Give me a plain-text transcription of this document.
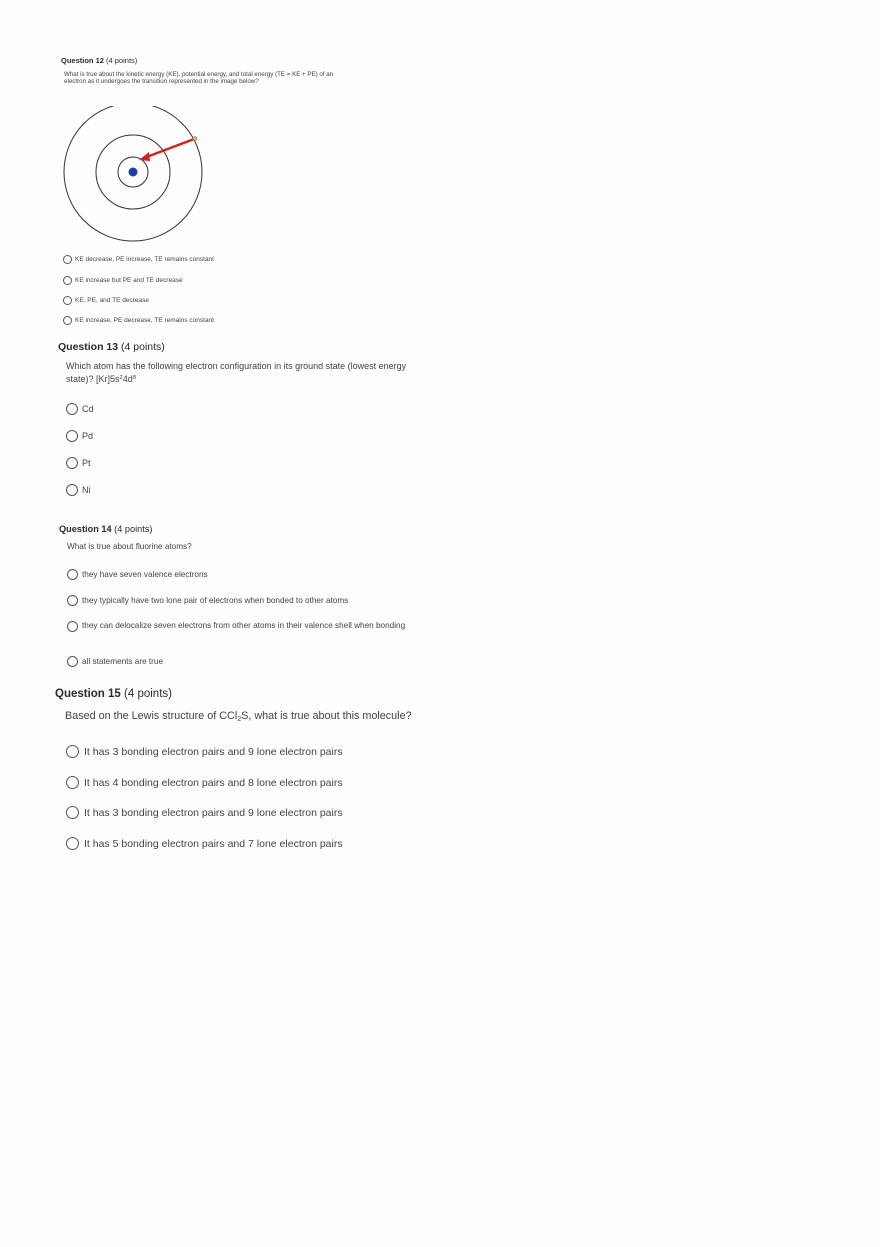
Question 12 (4 points)
What is true about the kinetic energy (KE), potential energy, and total energy (TE = KE + PE) of an electron as it undergoes the transition represented in the image below?
KE decrease, PE increase, TE remains constant
KE increase but PE and TE decrease
KE, PE, and TE decrease
KE increase, PE decrease, TE remains constant
Question 13 (4 points)
Which atom has the following electron configuration in its ground state (lowest energy state)? $[Kr]5s^24d^8$
Cd
Pd
Pt
Ni
Question 14 (4 points)
What is true about fluorine atoms?
they have seven valence electrons
they typically have two lone pair of electrons when bonded to other atoms
they can delocalize seven electrons from other atoms in their valence shell when bonding
all statements are true
Question 15 (4 points)
Based on the Lewis structure of CCl$_2$S, what is true about this molecule?
It has 3 bonding electron pairs and 9 lone electron pairs
It has 4 bonding electron pairs and 8 lone electron pairs
It has 3 bonding electron pairs and 9 lone electron pairs
It has 5 bonding electron pairs and 7 lone electron pairs
